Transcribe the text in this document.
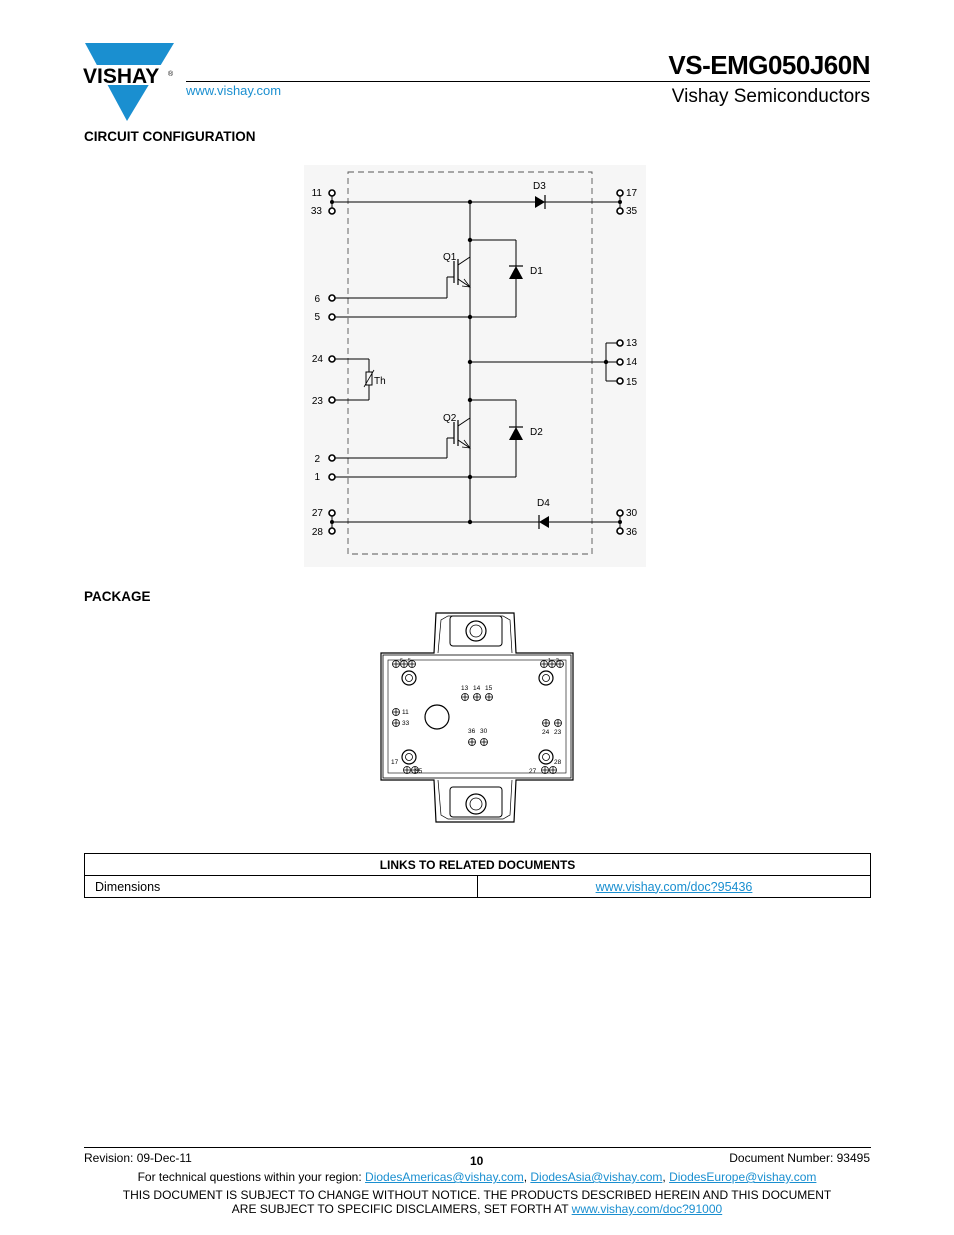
VISHAY ®
www.vishay.com
VS-EMG050J60N
Vishay Semiconductors
CIRCUIT CONFIGURATION
11
33
6
5
24
23
2
1
27
28
17
35
13
14
15
30
36
D3
Q1
D1
Th
Q2
D2
D4
PACKAGE
6 5	1 2
13 14 15
11
33
36 30	24 23
17
35	27
28
LINKS TO RELATED DOCUMENTS
Dimensions	www.vishay.com/doc?95436
Revision: 09-Dec-11	10	Document Number: 93495
For technical questions within your region: DiodesAmericas@vishay.com, DiodesAsia@vishay.com, DiodesEurope@vishay.com
THIS DOCUMENT IS SUBJECT TO CHANGE WITHOUT NOTICE. THE PRODUCTS DESCRIBED HEREIN AND THIS DOCUMENT
ARE SUBJECT TO SPECIFIC DISCLAIMERS, SET FORTH AT www.vishay.com/doc?91000
